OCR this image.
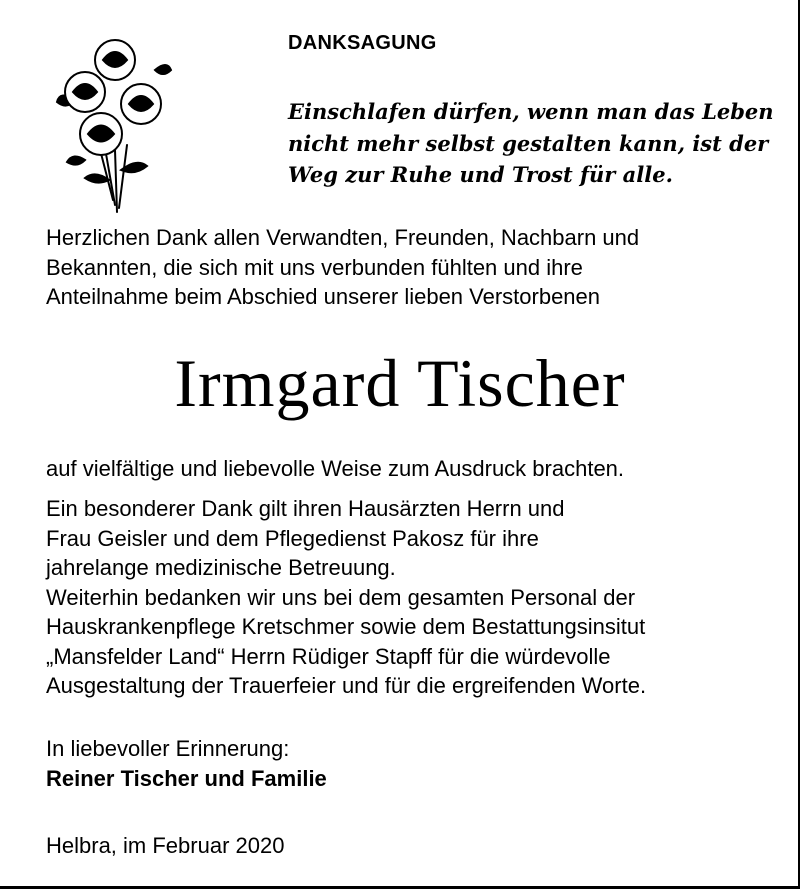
DANKSAGUNG
Einschlafen dürfen, wenn man das Leben
nicht mehr selbst gestalten kann, ist der
Weg zur Ruhe und Trost für alle.
Herzlichen Dank allen Verwandten, Freunden, Nachbarn und
Bekannten, die sich mit uns verbunden fühlten und ihre
Anteilnahme beim Abschied unserer lieben Verstorbenen
Irmgard Tischer
auf vielfältige und liebevolle Weise zum Ausdruck brachten.
Ein besonderer Dank gilt ihren Hausärzten Herrn und
Frau Geisler und dem Pflegedienst Pakosz für ihre
jahrelange medizinische Betreuung.
Weiterhin bedanken wir uns bei dem gesamten Personal der
Hauskrankenpflege Kretschmer sowie dem Bestattungsinsitut
„Mansfelder Land“ Herrn Rüdiger Stapff für die würdevolle
Ausgestaltung der Trauerfeier und für die ergreifenden Worte.
In liebevoller Erinnerung:
Reiner Tischer und Familie
Helbra, im Februar 2020
